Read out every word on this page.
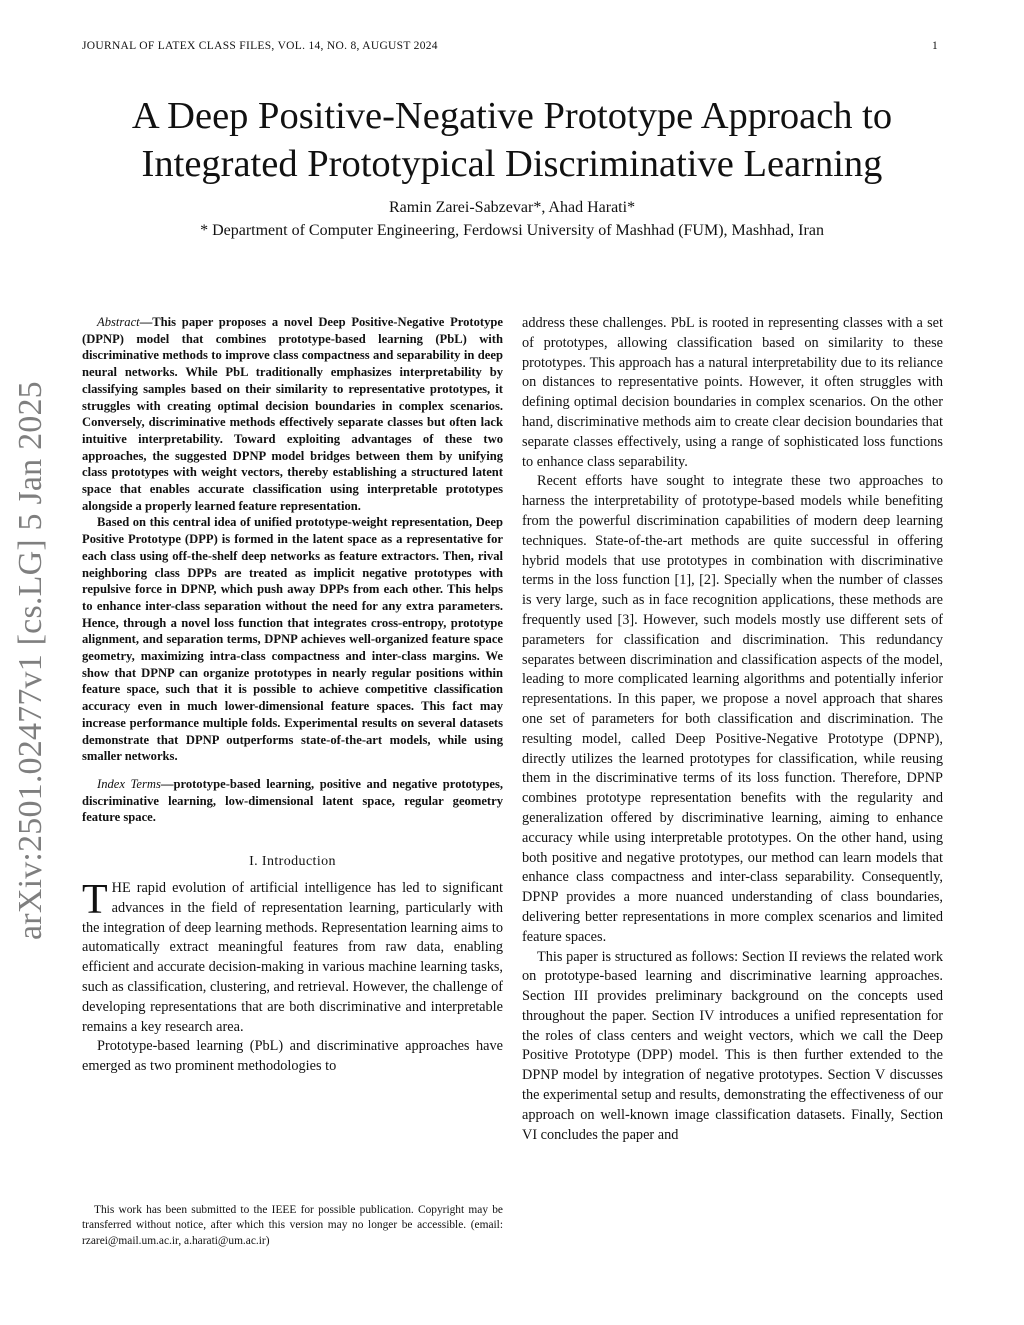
JOURNAL OF LATEX CLASS FILES, VOL. 14, NO. 8, AUGUST 2024	1
A Deep Positive-Negative Prototype Approach to
Integrated Prototypical Discriminative Learning
Ramin Zarei-Sabzevar*, Ahad Harati*
* Department of Computer Engineering, Ferdowsi University of Mashhad (FUM), Mashhad, Iran
arXiv:2501.02477v1 [cs.LG] 5 Jan 2025

Abstract—This paper proposes a novel Deep Positive-Negative Prototype (DPNP) model that combines prototype-based learning (PbL) with discriminative methods to improve class compactness and separability in deep neural networks. While PbL traditionally emphasizes interpretability by classifying samples based on their similarity to representative prototypes, it struggles with creating optimal decision boundaries in complex scenarios. Conversely, discriminative methods effectively separate classes but often lack intuitive interpretability. Toward exploiting advantages of these two approaches, the suggested DPNP model bridges between them by unifying class prototypes with weight vectors, thereby establishing a structured latent space that enables accurate classification using interpretable prototypes alongside a properly learned feature representation.

Based on this central idea of unified prototype-weight representation, Deep Positive Prototype (DPP) is formed in the latent space as a representative for each class using off-the-shelf deep networks as feature extractors. Then, rival neighboring class DPPs are treated as implicit negative prototypes with repulsive force in DPNP, which push away DPPs from each other. This helps to enhance inter-class separation without the need for any extra parameters. Hence, through a novel loss function that integrates cross-entropy, prototype alignment, and separation terms, DPNP achieves well-organized feature space geometry, maximizing intra-class compactness and inter-class margins. We show that DPNP can organize prototypes in nearly regular positions within feature space, such that it is possible to achieve competitive classification accuracy even in much lower-dimensional feature spaces. This fact may increase performance multiple folds. Experimental results on several datasets demonstrate that DPNP outperforms state-of-the-art models, while using smaller networks.

Index Terms—prototype-based learning, positive and negative prototypes, discriminative learning, low-dimensional latent space, regular geometry feature space.

I. Introduction

THE rapid evolution of artificial intelligence has led to significant advances in the field of representation learning, particularly with the integration of deep learning methods. Representation learning aims to automatically extract meaningful features from raw data, enabling efficient and accurate decision-making in various machine learning tasks, such as classification, clustering, and retrieval. However, the challenge of developing representations that are both discriminative and interpretable remains a key research area.

Prototype-based learning (PbL) and discriminative approaches have emerged as two prominent methodologies to

This work has been submitted to the IEEE for possible publication. Copyright may be transferred without notice, after which this version may no longer be accessible. (email: rzarei@mail.um.ac.ir, a.harati@um.ac.ir)

address these challenges. PbL is rooted in representing classes with a set of prototypes, allowing classification based on similarity to these prototypes. This approach has a natural interpretability due to its reliance on distances to representative points. However, it often struggles with defining optimal decision boundaries in complex scenarios. On the other hand, discriminative methods aim to create clear decision boundaries that separate classes effectively, using a range of sophisticated loss functions to enhance class separability.

Recent efforts have sought to integrate these two approaches to harness the interpretability of prototype-based models while benefiting from the powerful discrimination capabilities of modern deep learning techniques. State-of-the-art methods are quite successful in offering hybrid models that use prototypes in combination with discriminative terms in the loss function [1], [2]. Specially when the number of classes is very large, such as in face recognition applications, these methods are frequently used [3]. However, such models mostly use different sets of parameters for classification and discrimination. This redundancy separates between discrimination and classification aspects of the model, leading to more complicated learning algorithms and potentially inferior representations. In this paper, we propose a novel approach that shares one set of parameters for both classification and discrimination. The resulting model, called Deep Positive-Negative Prototype (DPNP), directly utilizes the learned prototypes for classification, while reusing them in the discriminative terms of its loss function. Therefore, DPNP combines prototype representation benefits with the regularity and generalization offered by discriminative learning, aiming to enhance accuracy while using interpretable prototypes. On the other hand, using both positive and negative prototypes, our method can learn models that enhance class compactness and inter-class separability. Consequently, DPNP provides a more nuanced understanding of class boundaries, delivering better representations in more complex scenarios and limited feature spaces.

This paper is structured as follows: Section II reviews the related work on prototype-based learning and discriminative learning approaches. Section III provides preliminary background on the concepts used throughout the paper. Section IV introduces a unified representation for the roles of class centers and weight vectors, which we call the Deep Positive Prototype (DPP) model. This is then further extended to the DPNP model by integration of negative prototypes. Section V discusses the experimental setup and results, demonstrating the effectiveness of our approach on well-known image classification datasets. Finally, Section VI concludes the paper and
